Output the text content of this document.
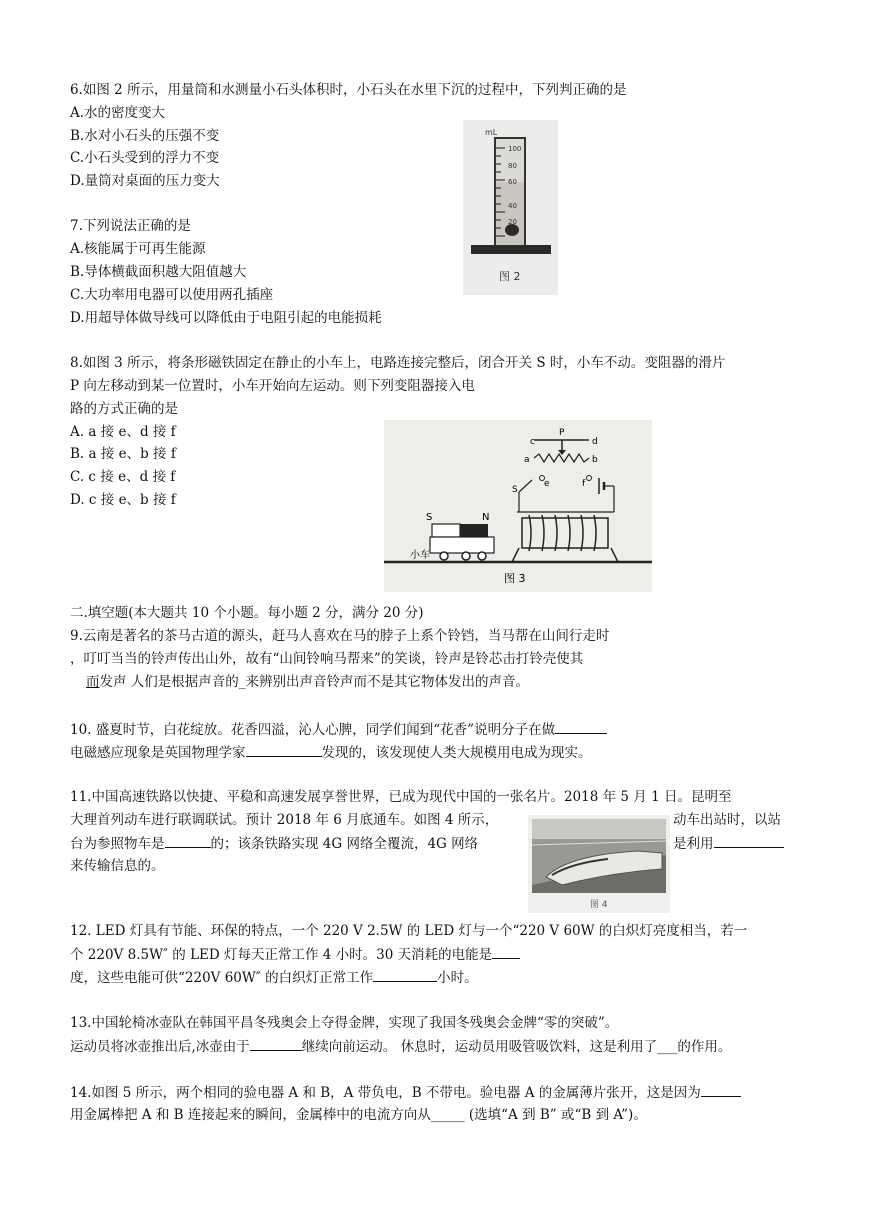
6.如图 2 所示，用量筒和水测量小石头体积时，小石头在水里下沉的过程中，下列判正确的是
A.水的密度变大
B.水对小石头的压强不变
C.小石头受到的浮力不变
D.量筒对桌面的压力变大
mL
100
80
60
40
20
图 2
7.下列说法正确的是
A.核能属于可再生能源
B.导体横截面积越大阻值越大
C.大功率用电器可以使用两孔插座
D.用超导体做导线可以降低由于电阻引起的电能损耗
8.如图 3 所示，将条形磁铁固定在静止的小车上，电路连接完整后，闭合开关 S 时，小车不动。变阻器的滑片
P 向左移动到某一位置时，小车开始向左运动。则下列变阻器接入电
路的方式正确的是
A. a 接 e、d 接 f
B. a 接 e、b 接 f
C. c 接 e、d 接 f
D. c 接 e、b 接 f
c
P
d
a	b
S
e	f
S	N
小车
图 3
二.填空题(本大题共 10 个小题。每小题 2 分，满分 20 分)
9.云南是著名的茶马古道的源头，赶马人喜欢在马的脖子上系个铃铛，当马帮在山间行走时
，叮叮当当的铃声传出山外，故有“山间铃响马帮来”的笑谈，铃声是铃芯击打铃壳使其
而发声 人们是根据声音的_来辨别出声音铃声而不是其它物体发出的声音。
10. 盛夏时节，白花绽放。花香四溢，沁人心脾，同学们闻到“花香”说明分子在做
电磁感应现象是英国物理学家	发现的，该发现使人类大规模用电成为现实。
11.中国高速铁路以快捷、平稳和高速发展享誉世界，已成为现代中国的一张名片。2018 年 5 月 1 日。昆明至
大理首列动车进行联调联试。预计 2018 年 6 月底通车。如图 4 所示，	动车出站时，以站
台为参照物车是	的；该条铁路实现 4G 网络全覆流，4G 网络	是利用
来传输信息的。
图 4
12. LED 灯具有节能、环保的特点，一个 220 V 2.5W 的 LED 灯与一个“220 V 60W 的白炽灯亮度相当，若一
个 220V 8.5W″ 的 LED 灯每天正常工作 4 小时。30 天消耗的电能是
度，这些电能可供“220V 60W″ 的白织灯正常工作	小时。
13.中国轮椅冰壶队在韩国平昌冬残奥会上夺得金牌，实现了我国冬残奥会金牌“零的突破”。
运动员将冰壶推出后,冰壶由于	继续向前运动。 休息时，运动员用吸管吸饮料，这是利用了___的作用。
14.如图 5 所示，两个相同的验电器 A 和 B，A 带负电，B 不带电。验电器 A 的金属薄片张开，这是因为
用金属棒把 A 和 B 连接起来的瞬间，金属棒中的电流方向从_____ (选填“A 到 B” 或“B 到 A”)。
